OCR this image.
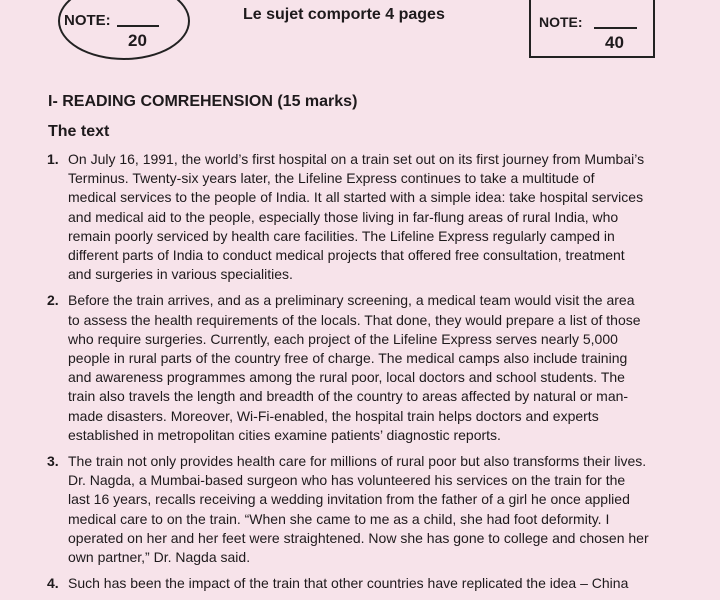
NOTE:
20
Le sujet comporte 4 pages	NOTE:
40
I- READING COMREHENSION (15 marks)
The text
1. On July 16, 1991, the world’s first hospital on a train set out on its first journey from Mumbai’s
Terminus. Twenty-six years later, the Lifeline Express continues to take a multitude of
medical services to the people of India. It all started with a simple idea: take hospital services
and medical aid to the people, especially those living in far-flung areas of rural India, who
remain poorly serviced by health care facilities. The Lifeline Express regularly camped in
different parts of India to conduct medical projects that offered free consultation, treatment
and surgeries in various specialities.
2. Before the train arrives, and as a preliminary screening, a medical team would visit the area
to assess the health requirements of the locals. That done, they would prepare a list of those
who require surgeries. Currently, each project of the Lifeline Express serves nearly 5,000
people in rural parts of the country free of charge. The medical camps also include training
and awareness programmes among the rural poor, local doctors and school students. The
train also travels the length and breadth of the country to areas affected by natural or man-
made disasters. Moreover, Wi-Fi-enabled, the hospital train helps doctors and experts
established in metropolitan cities examine patients’ diagnostic reports.
3. The train not only provides health care for millions of rural poor but also transforms their lives.
Dr. Nagda, a Mumbai-based surgeon who has volunteered his services on the train for the
last 16 years, recalls receiving a wedding invitation from the father of a girl he once applied
medical care to on the train. “When she came to me as a child, she had foot deformity. I
operated on her and her feet were straightened. Now she has gone to college and chosen her
own partner,” Dr. Nagda said.
4. Such has been the impact of the train that other countries have replicated the idea – China
